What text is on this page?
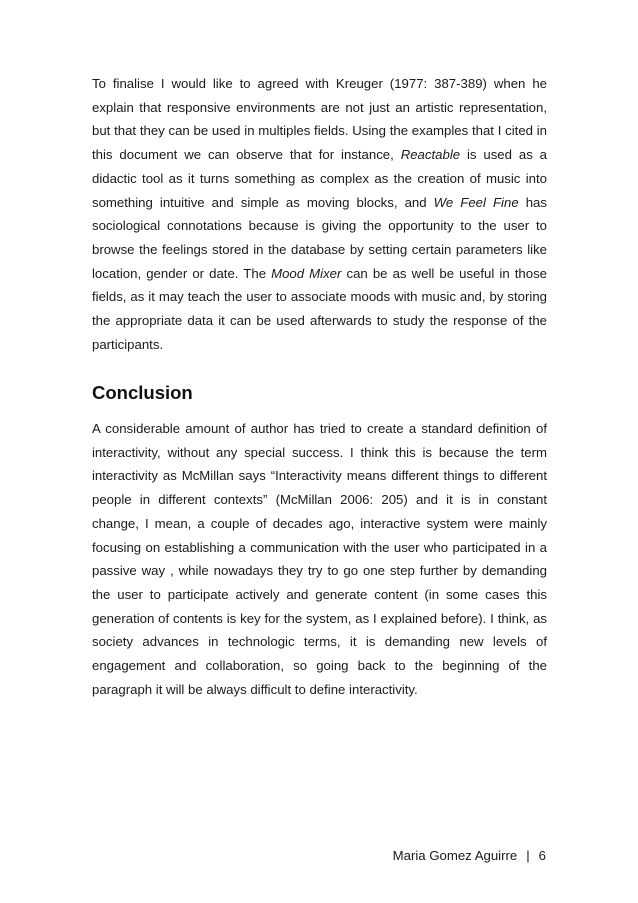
To finalise I would like to agreed with Kreuger (1977: 387-389) when he explain that responsive environments are not just an artistic representation, but that they can be used in multiples fields. Using the examples that I cited in this document we can observe that for instance, Reactable is used as a didactic tool as it turns something as complex as the creation of music into something intuitive and simple as moving blocks, and We Feel Fine has sociological connotations because is giving the opportunity to the user to browse the feelings stored in the database by setting certain parameters like location, gender or date. The Mood Mixer can be as well be useful in those fields, as it may teach the user to associate moods with music and, by storing the appropriate data it can be used afterwards to study the response of the participants.

Conclusion

A considerable amount of author has tried to create a standard definition of interactivity, without any special success. I think this is because the term interactivity as McMillan says “Interactivity means different things to different people in different contexts” (McMillan 2006: 205) and it is in constant change, I mean, a couple of decades ago, interactive system were mainly focusing on establishing a communication with the user who participated in a passive way , while nowadays they try to go one step further by demanding the user to participate actively and generate content (in some cases this generation of contents is key for the system, as I explained before). I think, as society advances in technologic terms, it is demanding new levels of engagement and collaboration, so going back to the beginning of the paragraph it will be always difficult to define interactivity.

Maria Gomez Aguirre | 6
